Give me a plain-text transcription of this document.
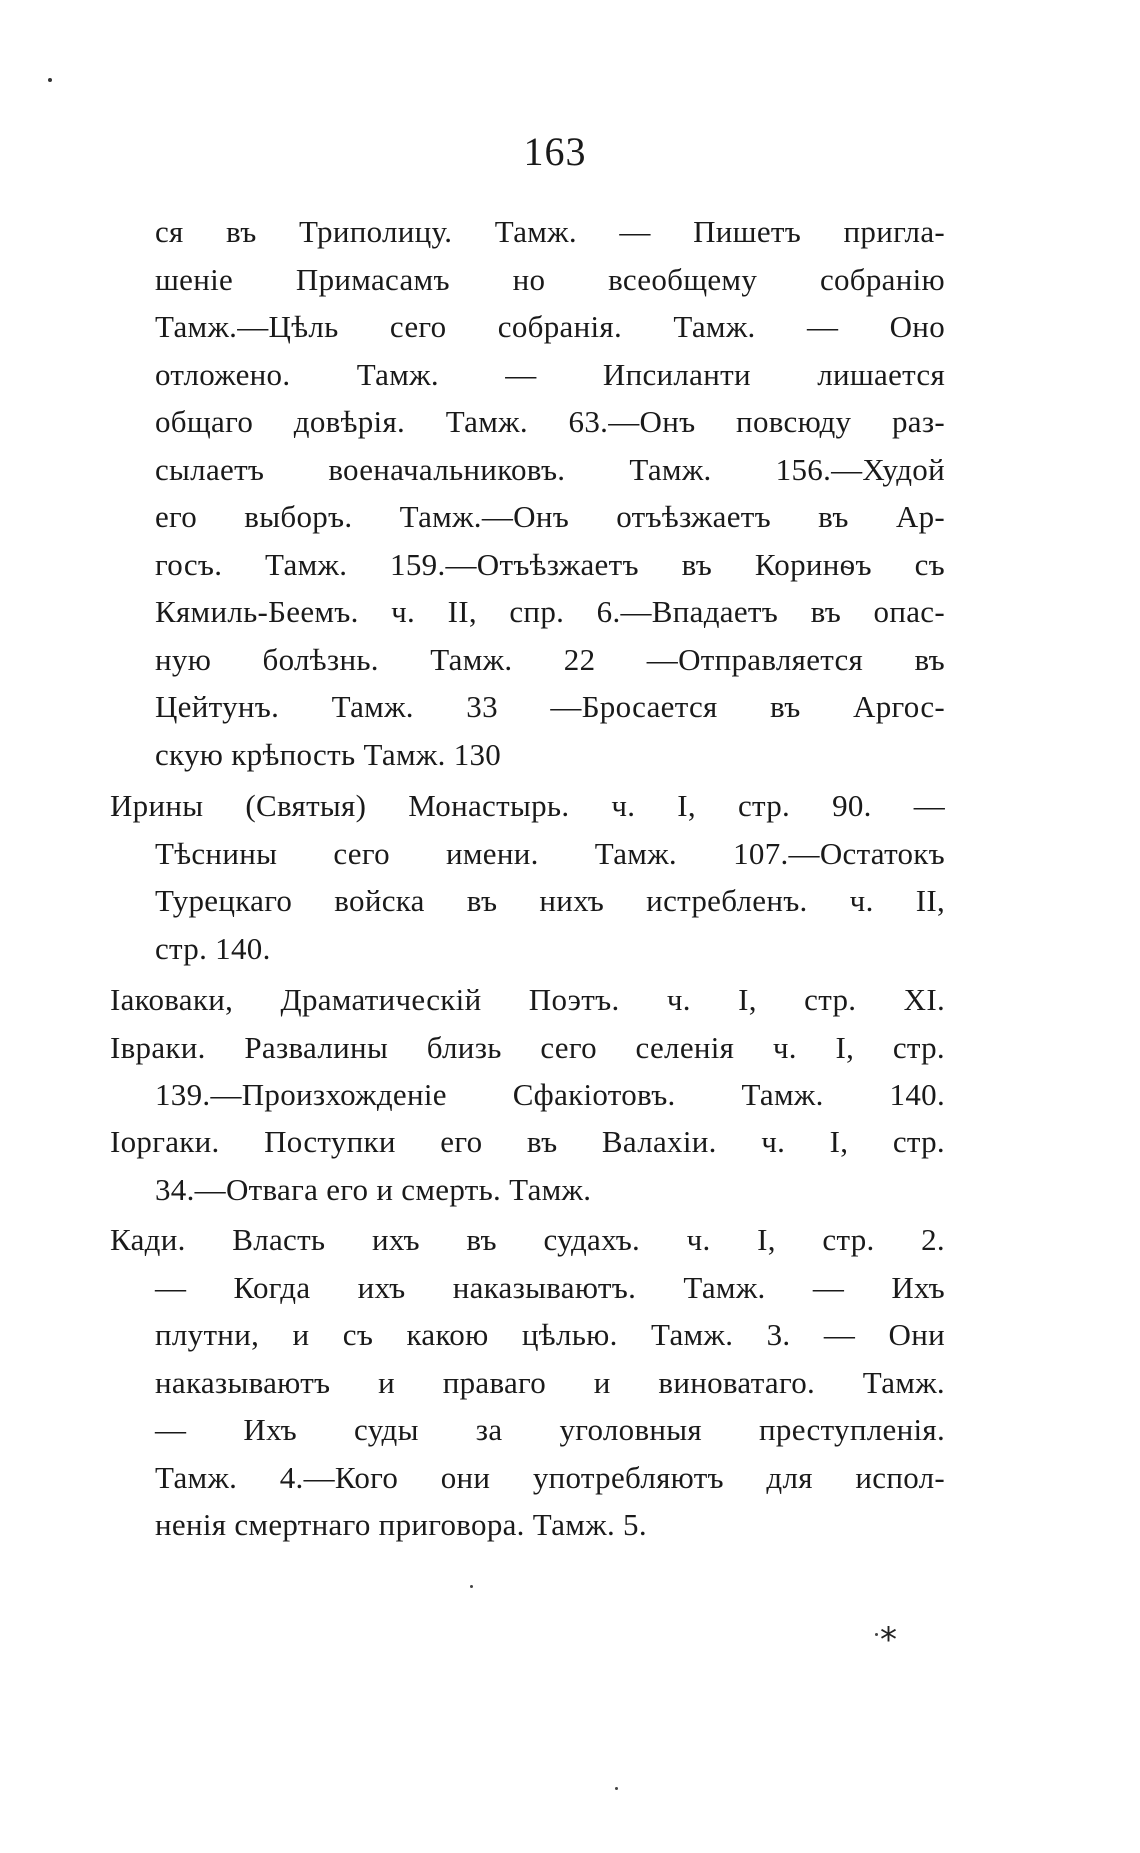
163
ся въ Триполицу. Тамж. — Пишетъ пригла-
шеніе Примасамъ но всеобщему собранію
Тамж.—Цѣль сего собранія. Тамж. — Оно
отложено. Тамж. — Ипсиланти лишается
общаго довѣрія. Тамж. 63.—Онъ повсюду раз-
сылаетъ военачальниковъ. Тамж. 156.—Худой
его выборъ. Тамж.—Онъ отъѣзжаетъ въ Ар-
госъ. Тамж. 159.—Отъѣзжаетъ въ Коринѳъ съ
Кямиль-Беемъ. ч. II, спр. 6.—Впадаетъ въ опас-
ную болѣзнь. Тамж. 22 —Отправляется въ
Цейтунъ. Тамж. 33 —Бросается въ Аргос-
скую крѣпость Тамж. 130
Ирины (Святыя) Монастырь. ч. I, стр. 90. —
Тѣснины сего имени. Тамж. 107.—Остатокъ
Турецкаго войска въ нихъ истребленъ. ч. II,
стр. 140.
Іаковаки, Драматическій Поэтъ. ч. I, стр. XI.
Івраки. Развалины близь сего селенія ч. I, стр.
139.—Произхожденіе Сфакіотовъ. Тамж. 140.
Іоргаки. Поступки его въ Валахіи. ч. I, стр.
34.—Отвага его и смерть. Тамж.
Кади. Власть ихъ въ судахъ. ч. I, стр. 2.
— Когда ихъ наказываютъ. Тамж. — Ихъ
плутни, и съ какою цѣлью. Тамж. 3. — Они
наказываютъ и праваго и виноватаго. Тамж.
— Ихъ суды за уголовныя преступленія.
Тамж. 4.—Кого они употребляютъ для испол-
ненія смертнаго приговора. Тамж. 5.
*
